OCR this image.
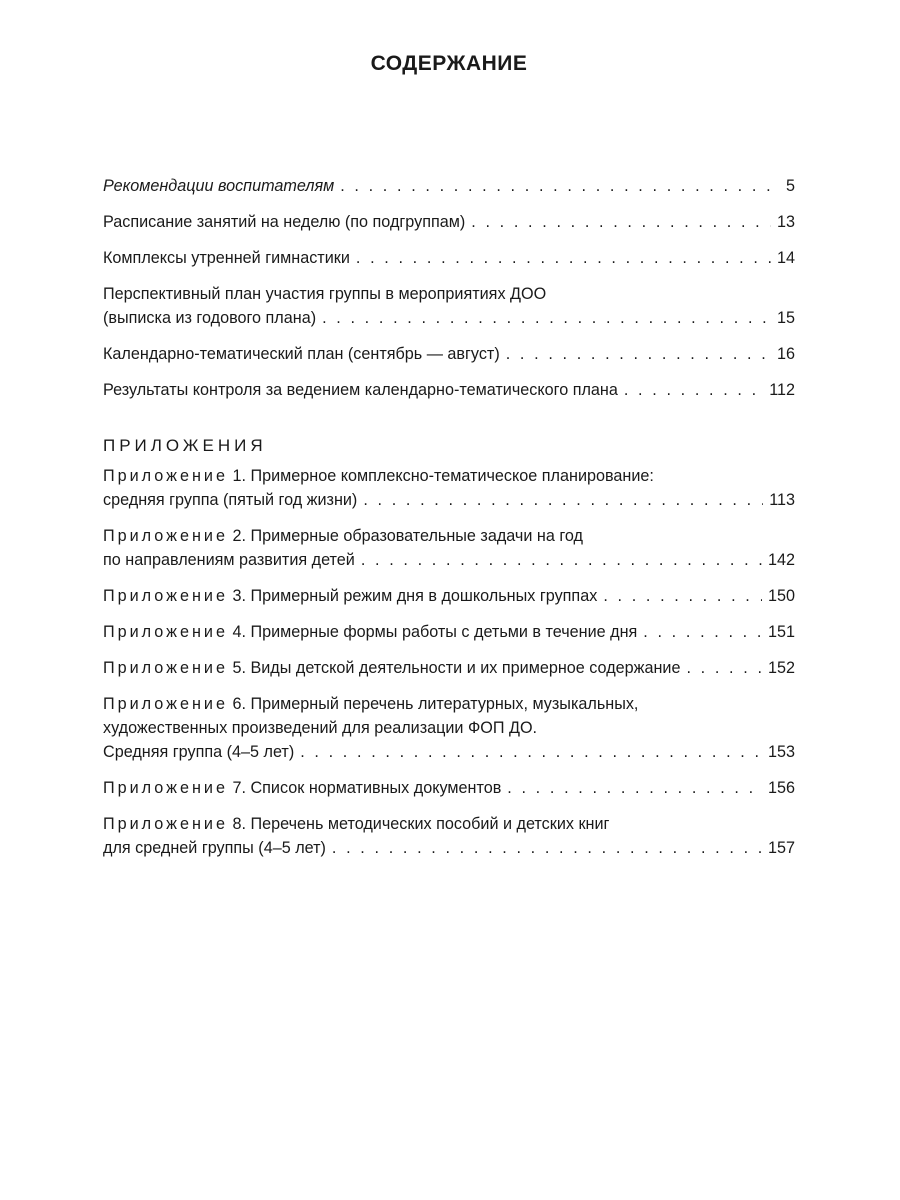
СОДЕРЖАНИЕ
Рекомендации воспитателям . . .	5
Расписание занятий на неделю (по подгруппам) . . .	13
Комплексы утренней гимнастики . . .	14
Перспективный план участия группы в мероприятиях ДОО
(выписка из годового плана) . . .	15
Календарно-тематический план (сентябрь — август) . . .	16
Результаты контроля за ведением календарно-тематического плана . . .	112
ПРИЛОЖЕНИЯ
Приложение 1. Примерное комплексно-тематическое планирование:
средняя группа (пятый год жизни) . . .	113
Приложение 2. Примерные образовательные задачи на год
по направлениям развития детей . . .	142
Приложение 3. Примерный режим дня в дошкольных группах . . .	150
Приложение 4. Примерные формы работы с детьми в течение дня . . .	151
Приложение 5. Виды детской деятельности и их примерное содержание . . .	152
Приложение 6. Примерный перечень литературных, музыкальных,
художественных произведений для реализации ФОП ДО.
Средняя группа (4–5 лет) . . .	153
Приложение 7. Список нормативных документов . . .	156
Приложение 8. Перечень методических пособий и детских книг
для средней группы (4–5 лет) . . .	157
